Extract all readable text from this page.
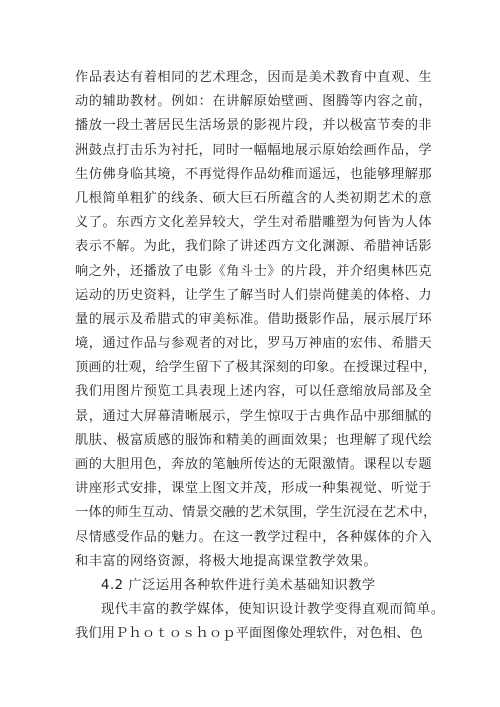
作品表达有着相同的艺术理念，因而是美术教育中直观、生
动的辅助教材。例如：在讲解原始壁画、图腾等内容之前，
播放一段土著居民生活场景的影视片段，并以极富节奏的非
洲鼓点打击乐为衬托，同时一幅幅地展示原始绘画作品，学
生仿佛身临其境，不再觉得作品幼稚而遥远，也能够理解那
几根简单粗犷的线条、硕大巨石所蕴含的人类初期艺术的意
义了。东西方文化差异较大，学生对希腊雕塑为何皆为人体
表示不解。为此，我们除了讲述西方文化渊源、希腊神话影
响之外，还播放了电影《角斗士》的片段，并介绍奥林匹克
运动的历史资料，让学生了解当时人们崇尚健美的体格、力
量的展示及希腊式的审美标准。借助摄影作品，展示展厅环
境，通过作品与参观者的对比，罗马万神庙的宏伟、希腊天
顶画的壮观，给学生留下了极其深刻的印象。在授课过程中，
我们用图片预览工具表现上述内容，可以任意缩放局部及全
景，通过大屏幕清晰展示，学生惊叹于古典作品中那细腻的
肌肤、极富质感的服饰和精美的画面效果；也理解了现代绘
画的大胆用色，奔放的笔触所传达的无限激情。课程以专题
讲座形式安排，课堂上图文并茂，形成一种集视觉、听觉于
一体的师生互动、情景交融的艺术氛围，学生沉浸在艺术中，
尽情感受作品的魅力。在这一教学过程中，各种媒体的介入
和丰富的网络资源，将极大地提高课堂教学效果。
4.2 广泛运用各种软件进行美术基础知识教学
现代丰富的教学媒体，使知识设计教学变得直观而简单。
我们用Ｐｈｏｔｏｓｈｏｐ平面图像处理软件，对色相、色
